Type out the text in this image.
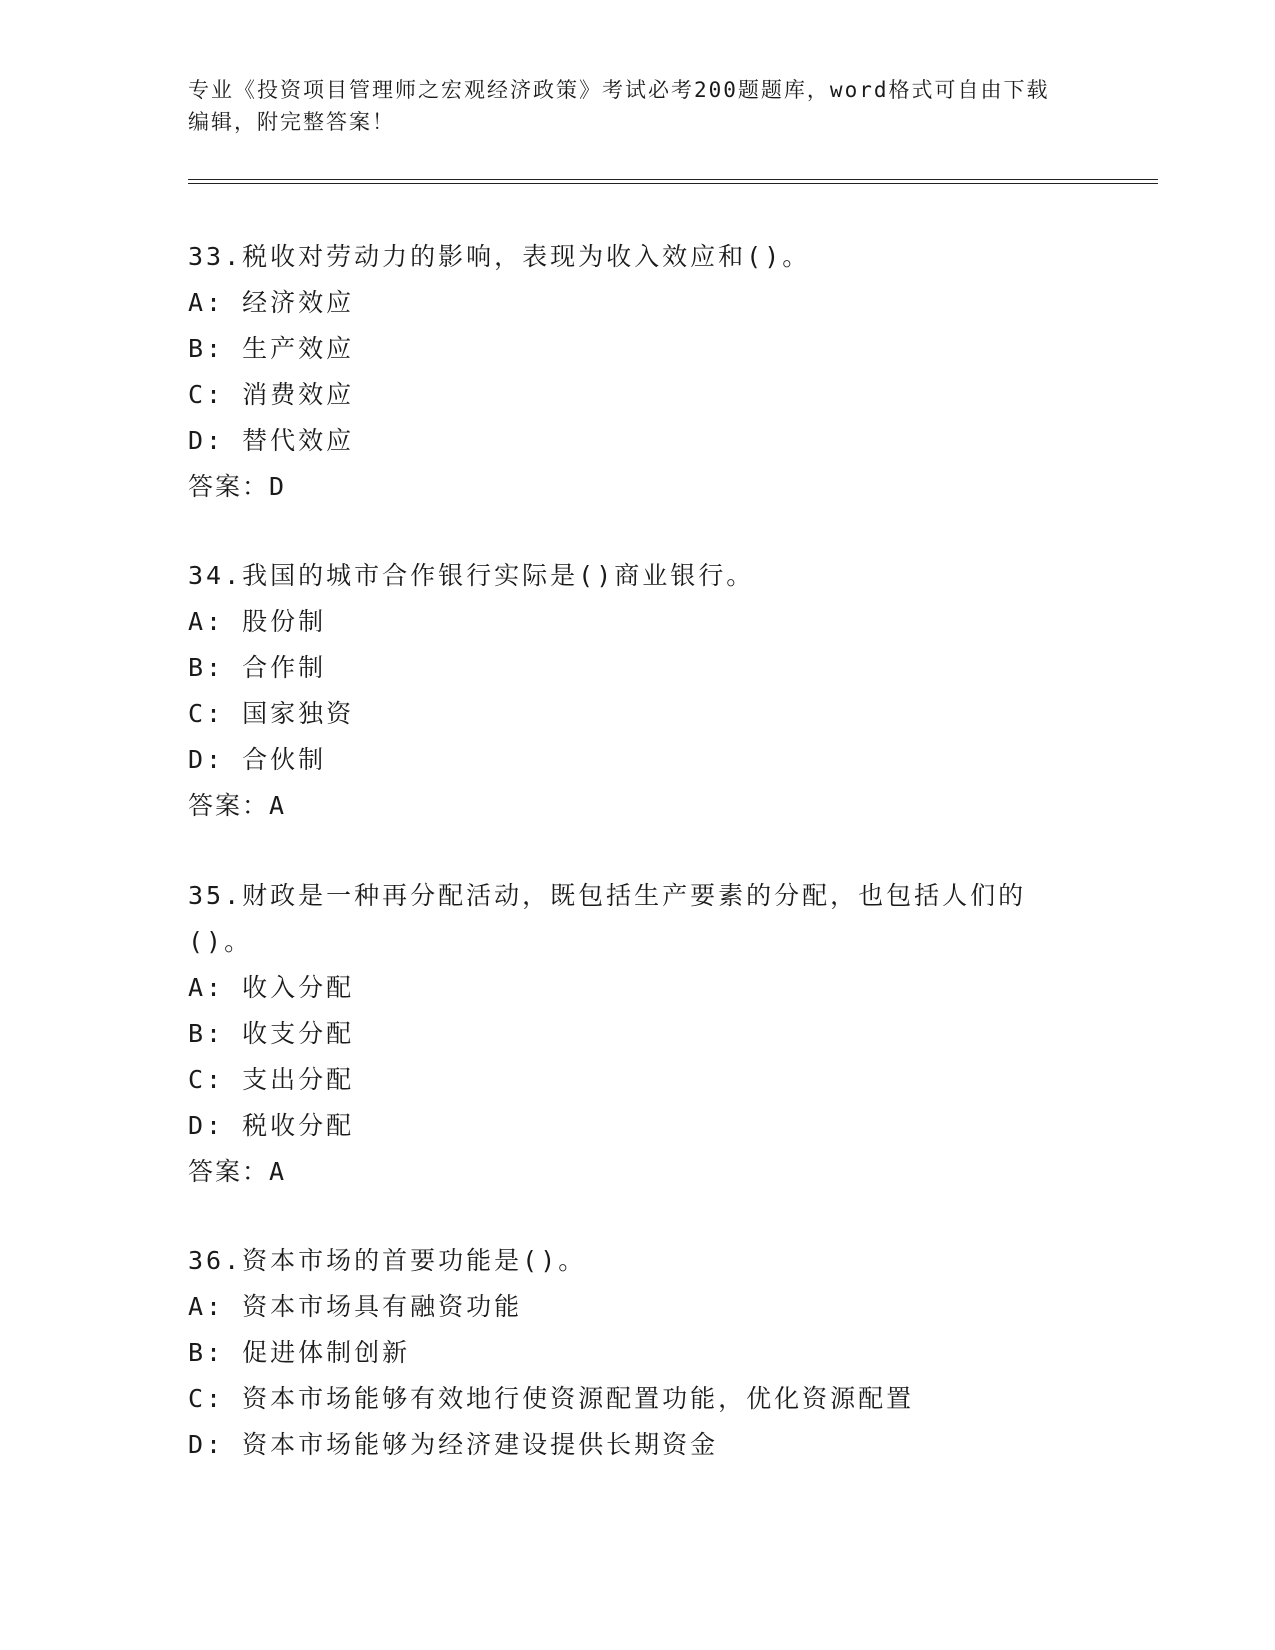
专业《投资项目管理师之宏观经济政策》考试必考200题题库，word格式可自由下载编辑，附完整答案！
33.税收对劳动力的影响，表现为收入效应和()。
A: 经济效应
B: 生产效应
C: 消费效应
D: 替代效应
答案：D
34.我国的城市合作银行实际是()商业银行。
A: 股份制
B: 合作制
C: 国家独资
D: 合伙制
答案：A
35.财政是一种再分配活动，既包括生产要素的分配，也包括人们的()。
A: 收入分配
B: 收支分配
C: 支出分配
D: 税收分配
答案：A
36.资本市场的首要功能是()。
A: 资本市场具有融资功能
B: 促进体制创新
C: 资本市场能够有效地行使资源配置功能，优化资源配置
D: 资本市场能够为经济建设提供长期资金
